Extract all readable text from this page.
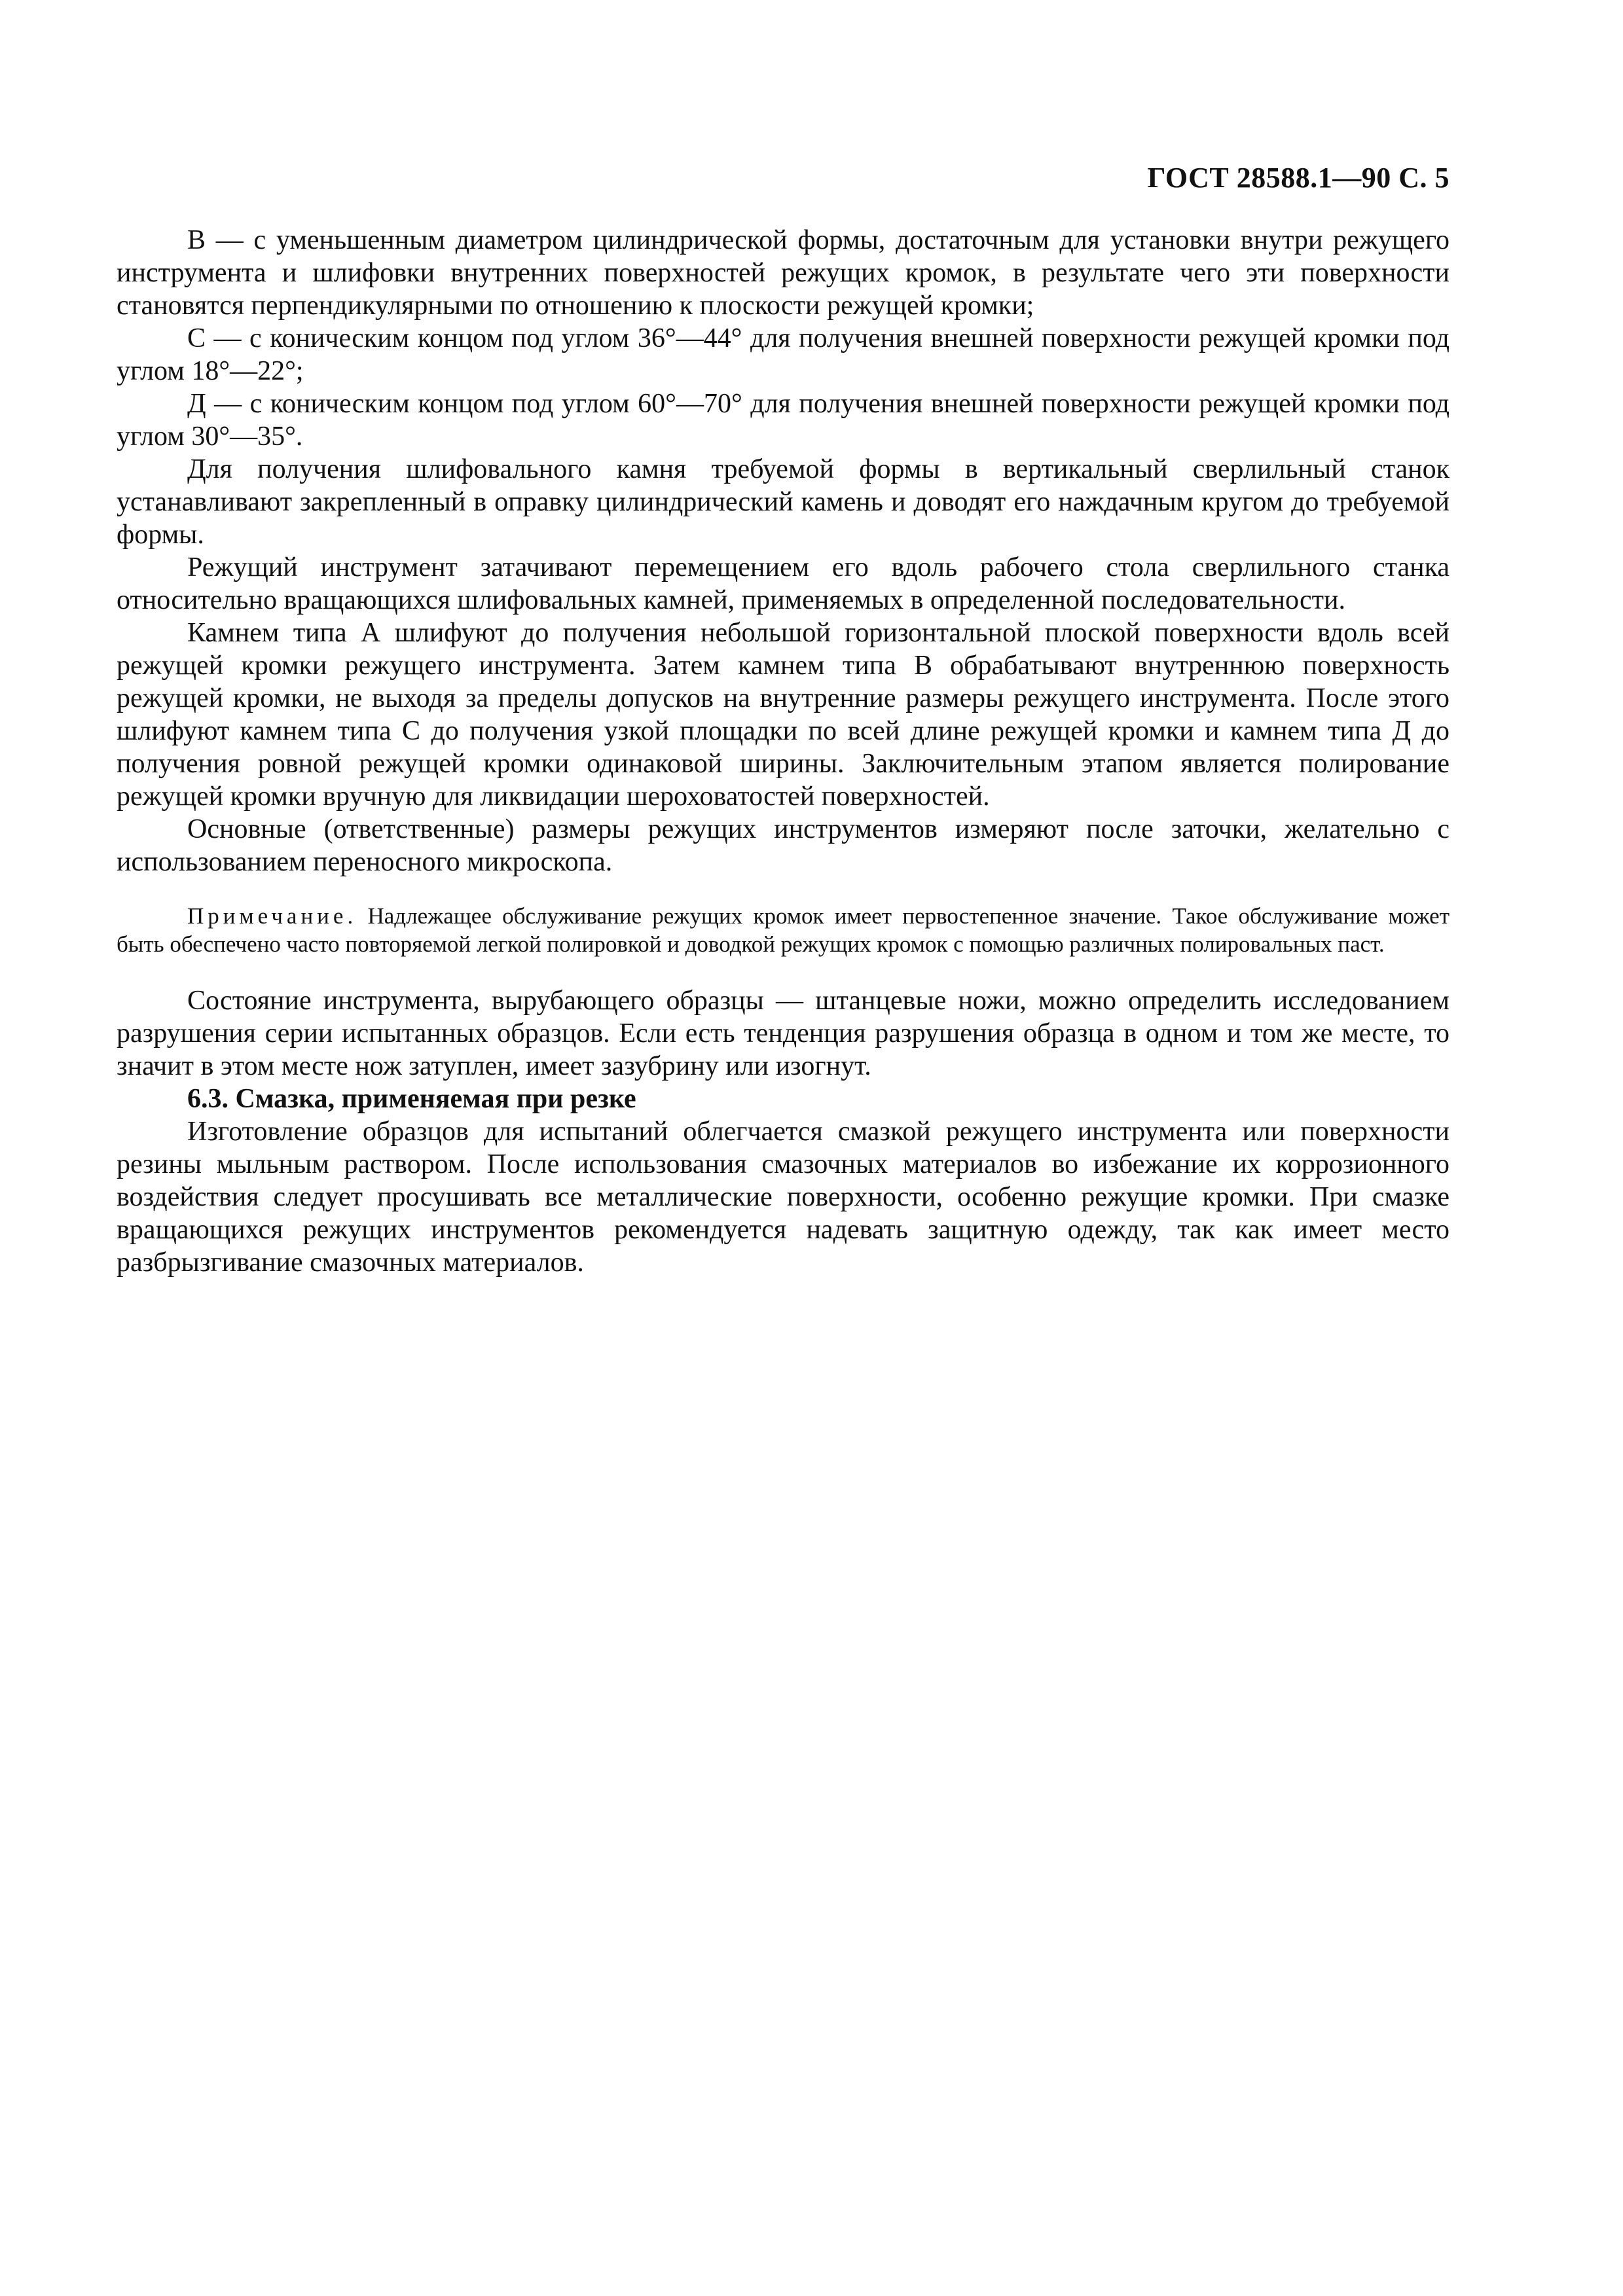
ГОСТ 28588.1—90 С. 5

В — с уменьшенным диаметром цилиндрической формы, достаточным для установки внутри режущего инструмента и шлифовки внутренних поверхностей режущих кромок, в результате чего эти поверхности становятся перпендикулярными по отношению к плоскости режущей кромки;

С — с коническим концом под углом 36°—44° для получения внешней поверхности режущей кромки под углом 18°—22°;

Д — с коническим концом под углом 60°—70° для получения внешней поверхности режущей кромки под углом 30°—35°.

Для получения шлифовального камня требуемой формы в вертикальный сверлильный станок устанавливают закрепленный в оправку цилиндрический камень и доводят его наждачным кругом до требуемой формы.

Режущий инструмент затачивают перемещением его вдоль рабочего стола сверлильного станка относительно вращающихся шлифовальных камней, применяемых в определенной последовательности.

Камнем типа А шлифуют до получения небольшой горизонтальной плоской поверхности вдоль всей режущей кромки режущего инструмента. Затем камнем типа В обрабатывают внутреннюю поверхность режущей кромки, не выходя за пределы допусков на внутренние размеры режущего инструмента. После этого шлифуют камнем типа С до получения узкой площадки по всей длине режущей кромки и камнем типа Д до получения ровной режущей кромки одинаковой ширины. Заключительным этапом является полирование режущей кромки вручную для ликвидации шероховатостей поверхностей.

Основные (ответственные) размеры режущих инструментов измеряют после заточки, желательно с использованием переносного микроскопа.

Примечание. Надлежащее обслуживание режущих кромок имеет первостепенное значение. Такое обслуживание может быть обеспечено часто повторяемой легкой полировкой и доводкой режущих кромок с помощью различных полировальных паст.

Состояние инструмента, вырубающего образцы — штанцевые ножи, можно определить исследованием разрушения серии испытанных образцов. Если есть тенденция разрушения образца в одном и том же месте, то значит в этом месте нож затуплен, имеет зазубрину или изогнут.

6.3. Смазка, применяемая при резке

Изготовление образцов для испытаний облегчается смазкой режущего инструмента или поверхности резины мыльным раствором. После использования смазочных материалов во избежание их коррозионного воздействия следует просушивать все металлические поверхности, особенно режущие кромки. При смазке вращающихся режущих инструментов рекомендуется надевать защитную одежду, так как имеет место разбрызгивание смазочных материалов.
